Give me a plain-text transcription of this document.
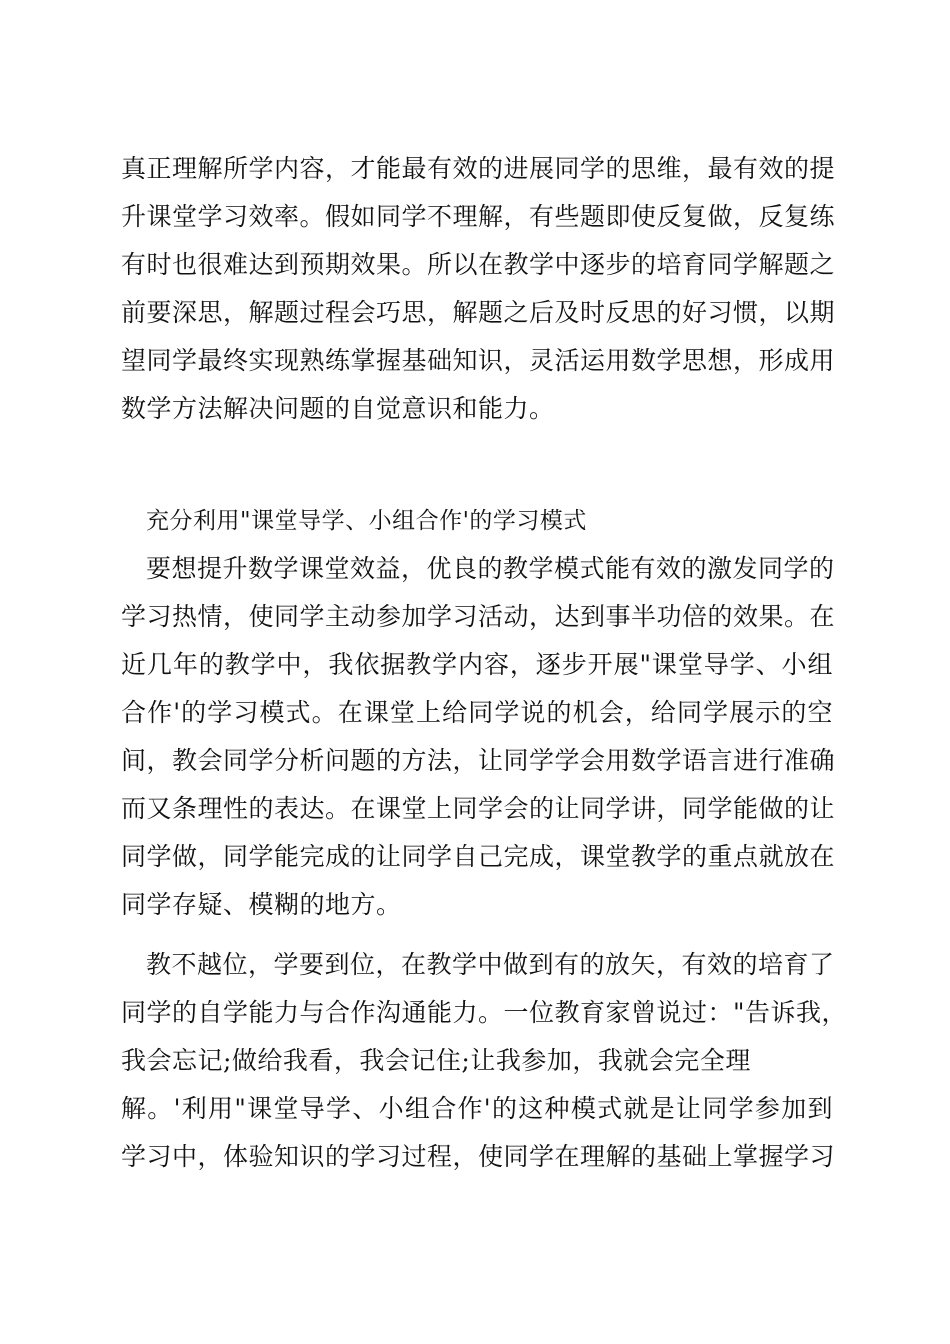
真正理解所学内容，才能最有效的进展同学的思维，最有效的提
升课堂学习效率。假如同学不理解，有些题即使反复做，反复练
有时也很难达到预期效果。所以在教学中逐步的培育同学解题之
前要深思，解题过程会巧思，解题之后及时反思的好习惯，以期
望同学最终实现熟练掌握基础知识，灵活运用数学思想，形成用
数学方法解决问题的自觉意识和能力。
充分利用"课堂导学、小组合作'的学习模式
要想提升数学课堂效益，优良的教学模式能有效的激发同学的
学习热情，使同学主动参加学习活动，达到事半功倍的效果。在
近几年的教学中，我依据教学内容，逐步开展"课堂导学、小组
合作'的学习模式。在课堂上给同学说的机会，给同学展示的空
间，教会同学分析问题的方法，让同学学会用数学语言进行准确
而又条理性的表达。在课堂上同学会的让同学讲，同学能做的让
同学做，同学能完成的让同学自己完成，课堂教学的重点就放在
同学存疑、模糊的地方。
教不越位，学要到位，在教学中做到有的放矢，有效的培育了
同学的自学能力与合作沟通能力。一位教育家曾说过："告诉我，
我会忘记;做给我看，我会记住;让我参加，我就会完全理
解。'利用"课堂导学、小组合作'的这种模式就是让同学参加到
学习中，体验知识的学习过程，使同学在理解的基础上掌握学习
